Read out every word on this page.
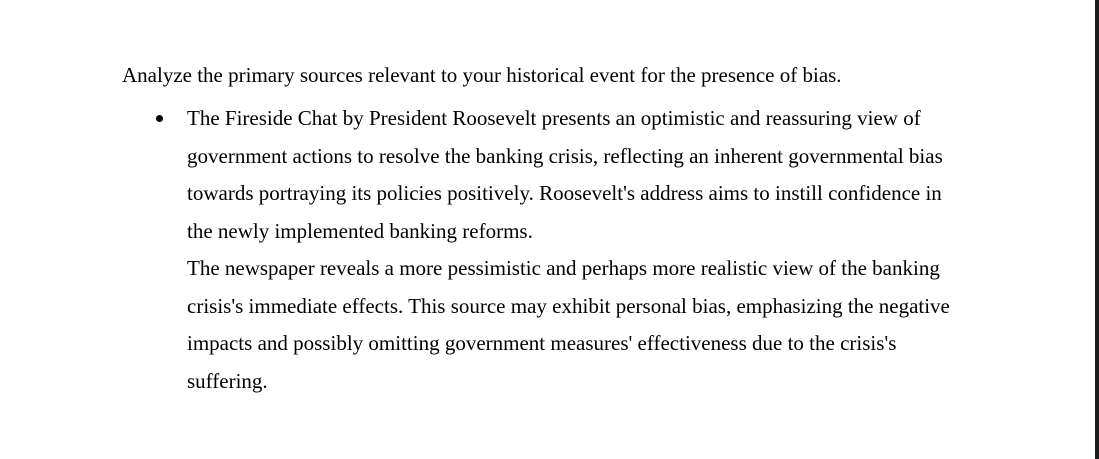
Analyze the primary sources relevant to your historical event for the presence of bias.

The Fireside Chat by President Roosevelt presents an optimistic and reassuring view of government actions to resolve the banking crisis, reflecting an inherent governmental bias towards portraying its policies positively. Roosevelt's address aims to instill confidence in the newly implemented banking reforms.
The newspaper reveals a more pessimistic and perhaps more realistic view of the banking crisis's immediate effects. This source may exhibit personal bias, emphasizing the negative impacts and possibly omitting government measures' effectiveness due to the crisis's suffering.
